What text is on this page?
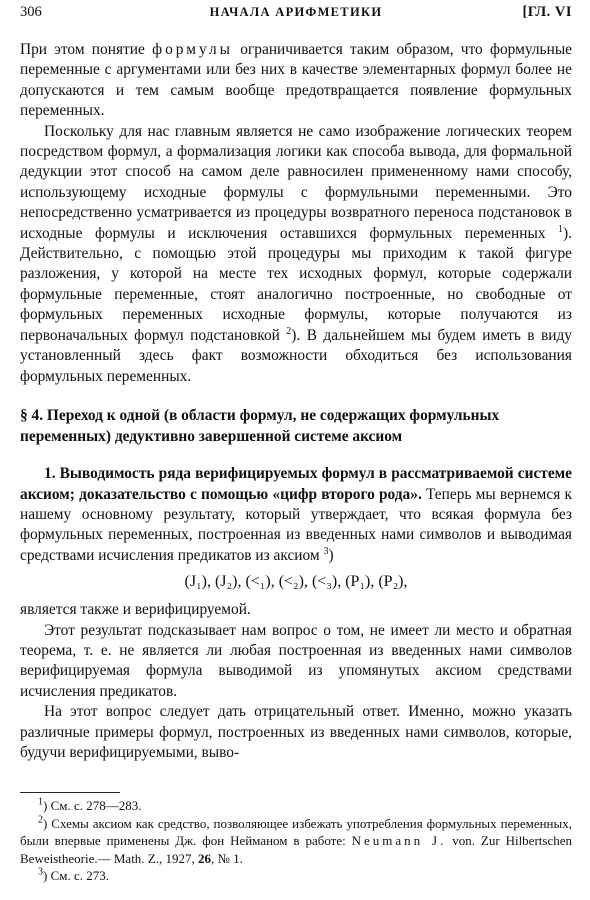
306	НАЧАЛА АРИФМЕТИКИ	[ГЛ. VI

При этом понятие формулы ограничивается таким образом, что формульные переменные с аргументами или без них в качестве элементарных формул более не допускаются и тем самым вообще предотвращается появление формульных переменных.

Поскольку для нас главным является не само изображение логических теорем посредством формул, а формализация логики как способа вывода, для формальной дедукции этот способ на самом деле равносилен примененному нами способу, использующему исходные формулы с формульными переменными. Это непосредственно усматривается из процедуры возвратного переноса подстановок в исходные формулы и исключения оставшихся формульных переменных $^1$). Действительно, с помощью этой процедуры мы приходим к такой фигуре разложения, у которой на месте тех исходных формул, которые содержали формульные переменные, стоят аналогично построенные, но свободные от формульных переменных исходные формулы, которые получаются из первоначальных формул подстановкой $^2$). В дальнейшем мы будем иметь в виду установленный здесь факт возможности обходиться без использования формульных переменных.

§ 4. Переход к одной (в области формул, не содержащих формульных переменных) дедуктивно завершенной системе аксиом

1. Выводимость ряда верифицируемых формул в рассматриваемой системе аксиом; доказательство с помощью «цифр второго рода». Теперь мы вернемся к нашему основному результату, который утверждает, что всякая формула без формульных переменных, построенная из введенных нами символов и выводимая средствами исчисления предикатов из аксиом $^3$)

(J₁), (J₂), (<₁), (<₂), (<₃), (P₁), (P₂),

является также и верифицируемой.

Этот результат подсказывает нам вопрос о том, не имеет ли место и обратная теорема, т. е. не является ли любая построенная из введенных нами символов верифицируемая формула выводимой из упомянутых аксиом средствами исчисления предикатов.

На этот вопрос следует дать отрицательный ответ. Именно, можно указать различные примеры формул, построенных из введенных нами символов, которые, будучи верифицируемыми, выво-

$^1$) См. с. 278—283.

$^2$) Схемы аксиом как средство, позволяющее избежать употребления формульных переменных, были впервые применены Дж. фон Нейманом в работе: Neumann J. von. Zur Hilbertschen Beweistheorie.— Math. Z., 1927, 26, № 1.

$^3$) См. с. 273.
